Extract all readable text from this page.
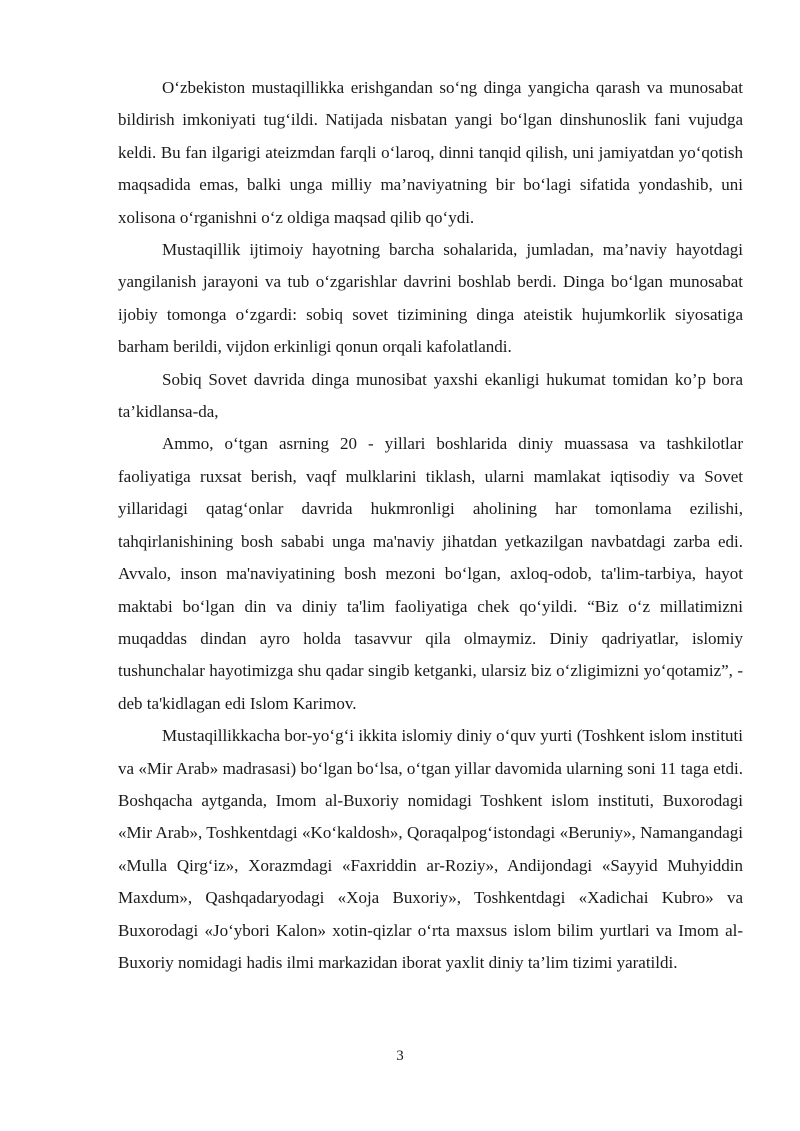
O‘zbekiston mustaqillikka erishgandan so‘ng dinga yangicha qarash va munosabat bildirish imkoniyati tug‘ildi. Natijada nisbatan yangi bo‘lgan dinshunoslik fani vujudga keldi. Bu fan ilgarigi ateizmdan farqli o‘laroq, dinni tanqid qilish, uni jamiyatdan yo‘qotish maqsadida emas, balki unga milliy ma’naviyatning bir bo‘lagi sifatida yondashib, uni xolisona o‘rganishni o‘z oldiga maqsad qilib qo‘ydi.

Mustaqillik ijtimoiy hayotning barcha sohalarida, jumladan, ma’naviy hayotdagi yangilanish jarayoni va tub o‘zgarishlar davrini boshlab berdi. Dinga bo‘lgan munosabat ijobiy tomonga o‘zgardi: sobiq sovet tizimining dinga ateistik hujumkorlik siyosatiga barham berildi, vijdon erkinligi qonun orqali kafolatlandi.

Sobiq Sovet davrida dinga munosibat yaxshi ekanligi hukumat tomidan ko’p bora ta’kidlansa-da,

Ammo, o‘tgan asrning 20 - yillari boshlarida diniy muassasa va tashkilotlar faoliyatiga ruxsat berish, vaqf mulklarini tiklash, ularni mamlakat iqtisodiy va Sovet yillaridagi qatag‘onlar davrida hukmronligi aholining har tomonlama ezilishi, tahqirlanishining bosh sababi unga ma'naviy jihatdan yetkazilgan navbatdagi zarba edi. Avvalo, inson ma'naviyatining bosh mezoni bo‘lgan, axloq-odob, ta'lim-tarbiya, hayot maktabi bo‘lgan din va diniy ta'lim faoliyatiga chek qo‘yildi. “Biz o‘z millatimizni muqaddas dindan ayro holda tasavvur qila olmaymiz. Diniy qadriyatlar, islomiy tushunchalar hayotimizga shu qadar singib ketganki, ularsiz biz o‘zligimizni yo‘qotamiz”, - deb ta'kidlagan edi Islom Karimov.

Mustaqillikkacha bor-yo‘g‘i ikkita islomiy diniy o‘quv yurti (Toshkent islom instituti va «Mir Arab» madrasasi) bo‘lgan bo‘lsa, o‘tgan yillar davomida ularning soni 11 taga etdi. Boshqacha aytganda, Imom al-Buxoriy nomidagi Toshkent islom instituti, Buxorodagi «Mir Arab», Toshkentdagi «Ko‘kaldosh», Qoraqalpog‘istondagi «Beruniy», Namangandagi «Mulla Qirg‘iz», Xorazmdagi «Faxriddin ar-Roziy», Andijondagi «Sayyid Muhyiddin Maxdum», Qashqadaryodagi «Xoja Buxoriy», Toshkentdagi «Xadichai Kubro» va Buxorodagi «Jo‘ybori Kalon» xotin-qizlar o‘rta maxsus islom bilim yurtlari va Imom al-Buxoriy nomidagi hadis ilmi markazidan iborat yaxlit diniy ta’lim tizimi yaratildi.

3
